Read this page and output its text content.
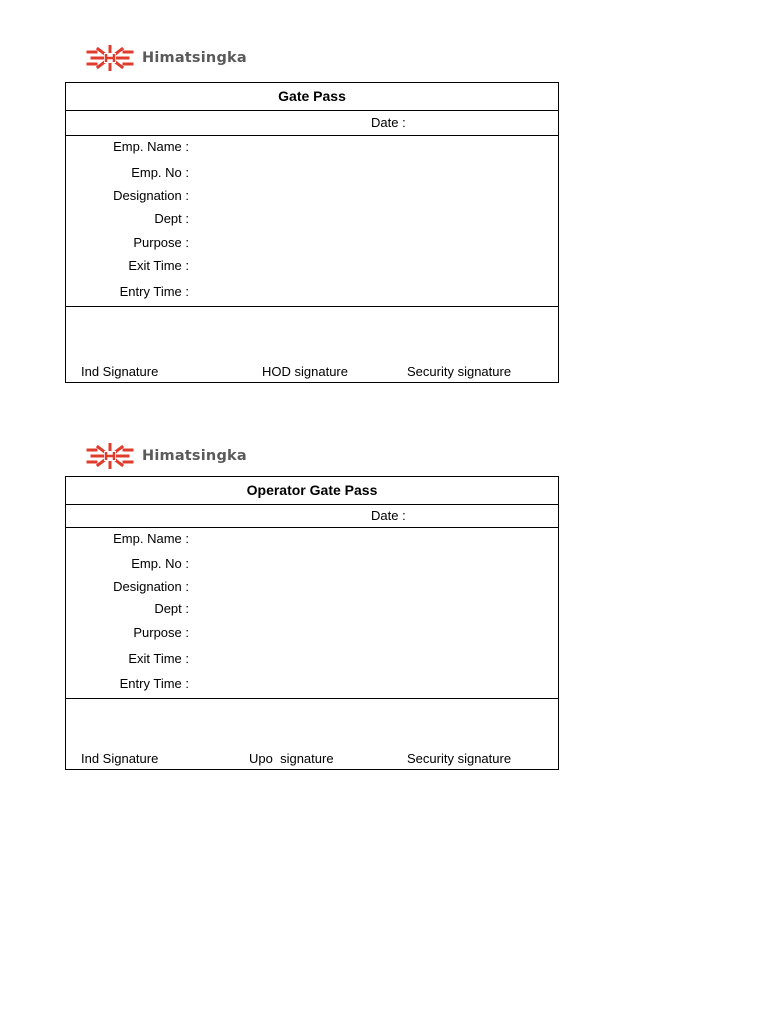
Himatsingka
Gate Pass
Date :
Emp. Name :
Emp. No :
Designation :
Dept :
Purpose :
Exit Time :
Entry Time :
Ind Signature	HOD signature	Security signature
Himatsingka
Operator Gate Pass
Date :
Emp. Name :
Emp. No :
Designation :
Dept :
Purpose :
Exit Time :
Entry Time :
Ind Signature	Upo  signature	Security signature
